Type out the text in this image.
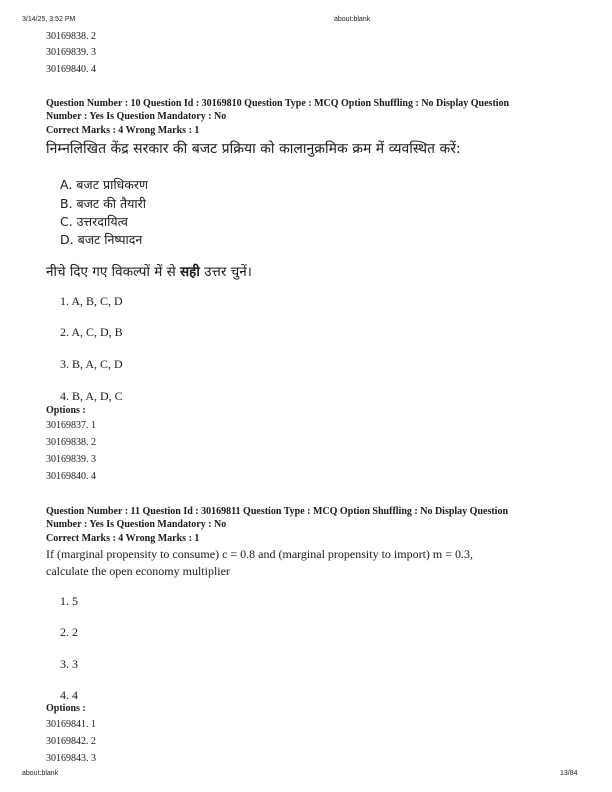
3/14/25, 3:52 PM	about:blank
30169838. 2
30169839. 3
30169840. 4
Question Number : 10 Question Id : 30169810 Question Type : MCQ Option Shuffling : No Display Question
Number : Yes Is Question Mandatory : No
Correct Marks : 4 Wrong Marks : 1
निम्नलिखित केंद्र सरकार की बजट प्रक्रिया को कालानुक्रमिक क्रम में व्यवस्थित करें:
A. बजट प्राधिकरण
B. बजट की तैयारी
C. उत्तरदायित्व
D. बजट निष्पादन
नीचे दिए गए विकल्पों में से सही उत्तर चुनें।
1. A, B, C, D
2. A, C, D, B
3. B, A, C, D
4. B, A, D, C
Options :
30169837. 1
30169838. 2
30169839. 3
30169840. 4
Question Number : 11 Question Id : 30169811 Question Type : MCQ Option Shuffling : No Display Question
Number : Yes Is Question Mandatory : No
Correct Marks : 4 Wrong Marks : 1
If (marginal propensity to consume) c = 0.8 and (marginal propensity to import) m = 0.3,
calculate the open economy multiplier
1. 5
2. 2
3. 3
4. 4
Options :
30169841. 1
30169842. 2
30169843. 3
about:blank	13/84
